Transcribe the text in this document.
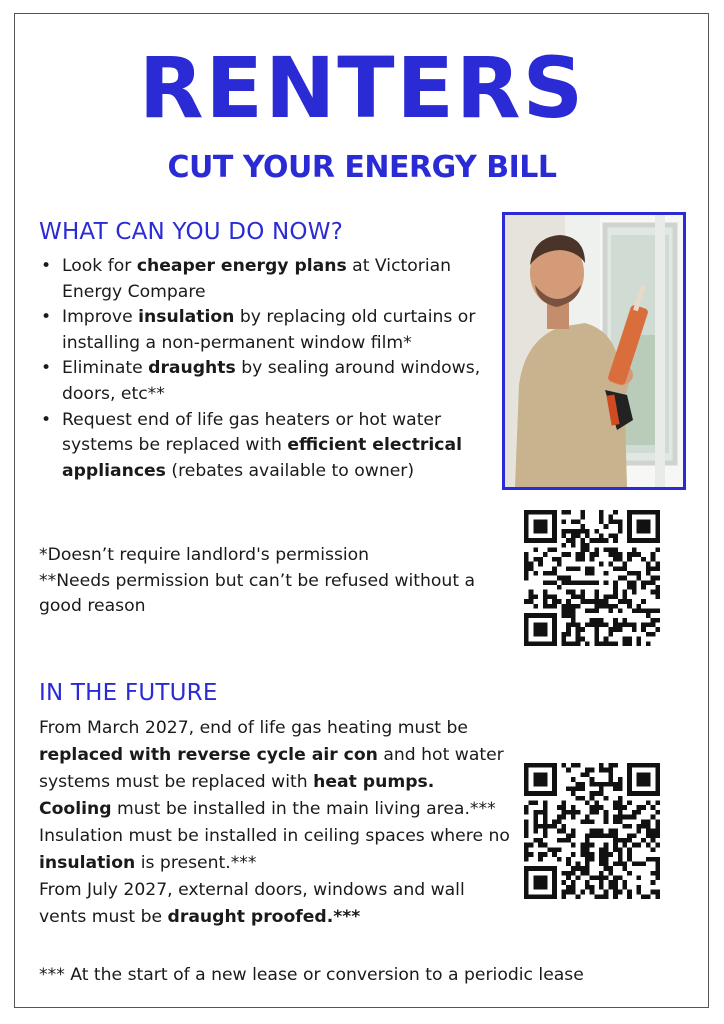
RENTERS
CUT YOUR ENERGY BILL
WHAT CAN YOU DO NOW?
• Look for cheaper energy plans at Victorian Energy Compare
• Improve insulation by replacing old curtains or installing a non-permanent window film*
• Eliminate draughts by sealing around windows, doors, etc**
• Request end of life gas heaters or hot water systems be replaced with efficient electrical appliances (rebates available to owner)

*Doesn’t require landlord's permission

**Needs permission but can’t be refused without a good reason

IN THE FUTURE

From March 2027, end of life gas heating must be replaced with reverse cycle air con and hot water systems must be replaced with heat pumps.

Cooling must be installed in the main living area.***

Insulation must be installed in ceiling spaces where no insulation is present.***

From July 2027, external doors, windows and wall vents must be draught proofed.***

*** At the start of a new lease or conversion to a periodic lease
